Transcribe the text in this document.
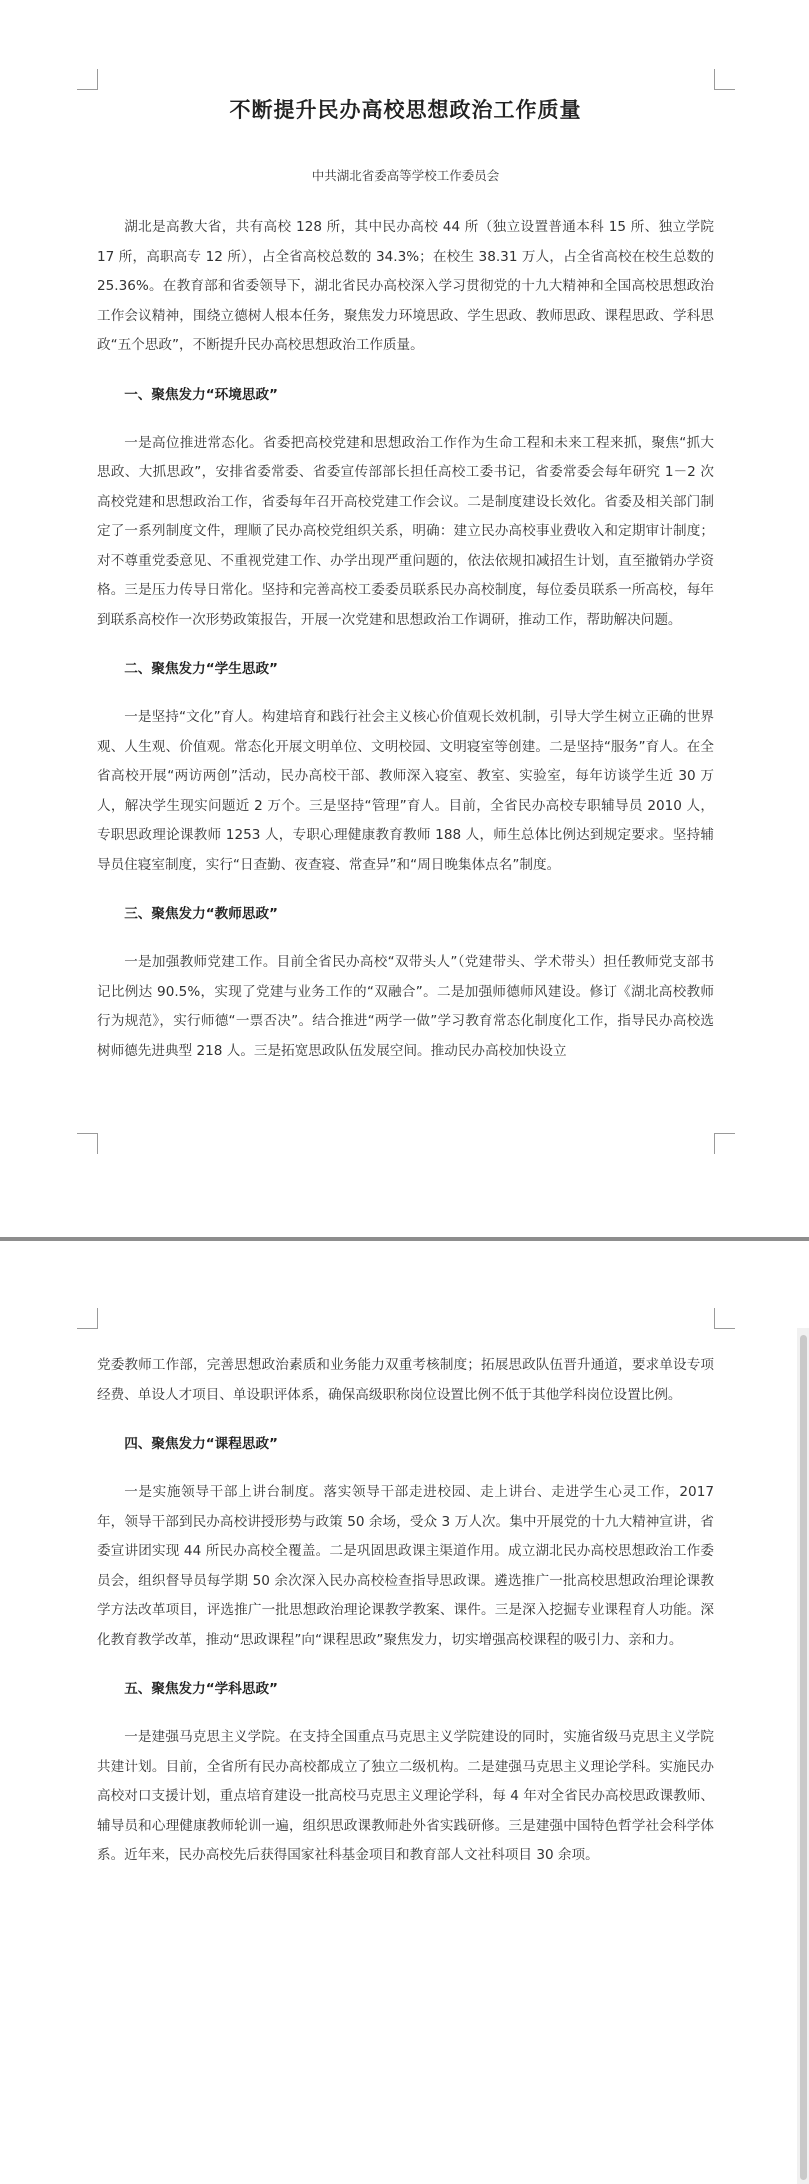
不断提升民办高校思想政治工作质量
中共湖北省委高等学校工作委员会

湖北是高教大省，共有高校 128 所，其中民办高校 44 所（独立设置普通本科 15 所、独立学院 17 所，高职高专 12 所），占全省高校总数的 34.3%；在校生 38.31 万人，占全省高校在校生总数的 25.36%。在教育部和省委领导下，湖北省民办高校深入学习贯彻党的十九大精神和全国高校思想政治工作会议精神，围绕立德树人根本任务，聚焦发力环境思政、学生思政、教师思政、课程思政、学科思政“五个思政”，不断提升民办高校思想政治工作质量。

一、聚焦发力“环境思政”

一是高位推进常态化。省委把高校党建和思想政治工作作为生命工程和未来工程来抓，聚焦“抓大思政、大抓思政”，安排省委常委、省委宣传部部长担任高校工委书记，省委常委会每年研究 1－2 次高校党建和思想政治工作，省委每年召开高校党建工作会议。二是制度建设长效化。省委及相关部门制定了一系列制度文件，理顺了民办高校党组织关系，明确：建立民办高校事业费收入和定期审计制度；对不尊重党委意见、不重视党建工作、办学出现严重问题的，依法依规扣减招生计划，直至撤销办学资格。三是压力传导日常化。坚持和完善高校工委委员联系民办高校制度，每位委员联系一所高校，每年到联系高校作一次形势政策报告，开展一次党建和思想政治工作调研，推动工作，帮助解决问题。

二、聚焦发力“学生思政”

一是坚持“文化”育人。构建培育和践行社会主义核心价值观长效机制，引导大学生树立正确的世界观、人生观、价值观。常态化开展文明单位、文明校园、文明寝室等创建。二是坚持“服务”育人。在全省高校开展“两访两创”活动，民办高校干部、教师深入寝室、教室、实验室，每年访谈学生近 30 万人，解决学生现实问题近 2 万个。三是坚持“管理”育人。目前，全省民办高校专职辅导员 2010 人，专职思政理论课教师 1253 人，专职心理健康教育教师 188 人，师生总体比例达到规定要求。坚持辅导员住寝室制度，实行“日查勤、夜查寝、常查异”和“周日晚集体点名”制度。

三、聚焦发力“教师思政”

一是加强教师党建工作。目前全省民办高校“双带头人”（党建带头、学术带头）担任教师党支部书记比例达 90.5%，实现了党建与业务工作的“双融合”。二是加强师德师风建设。修订《湖北高校教师行为规范》，实行师德“一票否决”。结合推进“两学一做”学习教育常态化制度化工作，指导民办高校选树师德先进典型 218 人。三是拓宽思政队伍发展空间。推动民办高校加快设立

党委教师工作部，完善思想政治素质和业务能力双重考核制度；拓展思政队伍晋升通道，要求单设专项经费、单设人才项目、单设职评体系，确保高级职称岗位设置比例不低于其他学科岗位设置比例。

四、聚焦发力“课程思政”

一是实施领导干部上讲台制度。落实领导干部走进校园、走上讲台、走进学生心灵工作，2017 年，领导干部到民办高校讲授形势与政策 50 余场，受众 3 万人次。集中开展党的十九大精神宣讲，省委宣讲团实现 44 所民办高校全覆盖。二是巩固思政课主渠道作用。成立湖北民办高校思想政治工作委员会，组织督导员每学期 50 余次深入民办高校检查指导思政课。遴选推广一批高校思想政治理论课教学方法改革项目，评选推广一批思想政治理论课教学教案、课件。三是深入挖掘专业课程育人功能。深化教育教学改革，推动“思政课程”向“课程思政”聚焦发力，切实增强高校课程的吸引力、亲和力。

五、聚焦发力“学科思政”

一是建强马克思主义学院。在支持全国重点马克思主义学院建设的同时，实施省级马克思主义学院共建计划。目前，全省所有民办高校都成立了独立二级机构。二是建强马克思主义理论学科。实施民办高校对口支援计划，重点培育建设一批高校马克思主义理论学科，每 4 年对全省民办高校思政课教师、辅导员和心理健康教师轮训一遍，组织思政课教师赴外省实践研修。三是建强中国特色哲学社会科学体系。近年来，民办高校先后获得国家社科基金项目和教育部人文社科项目 30 余项。
